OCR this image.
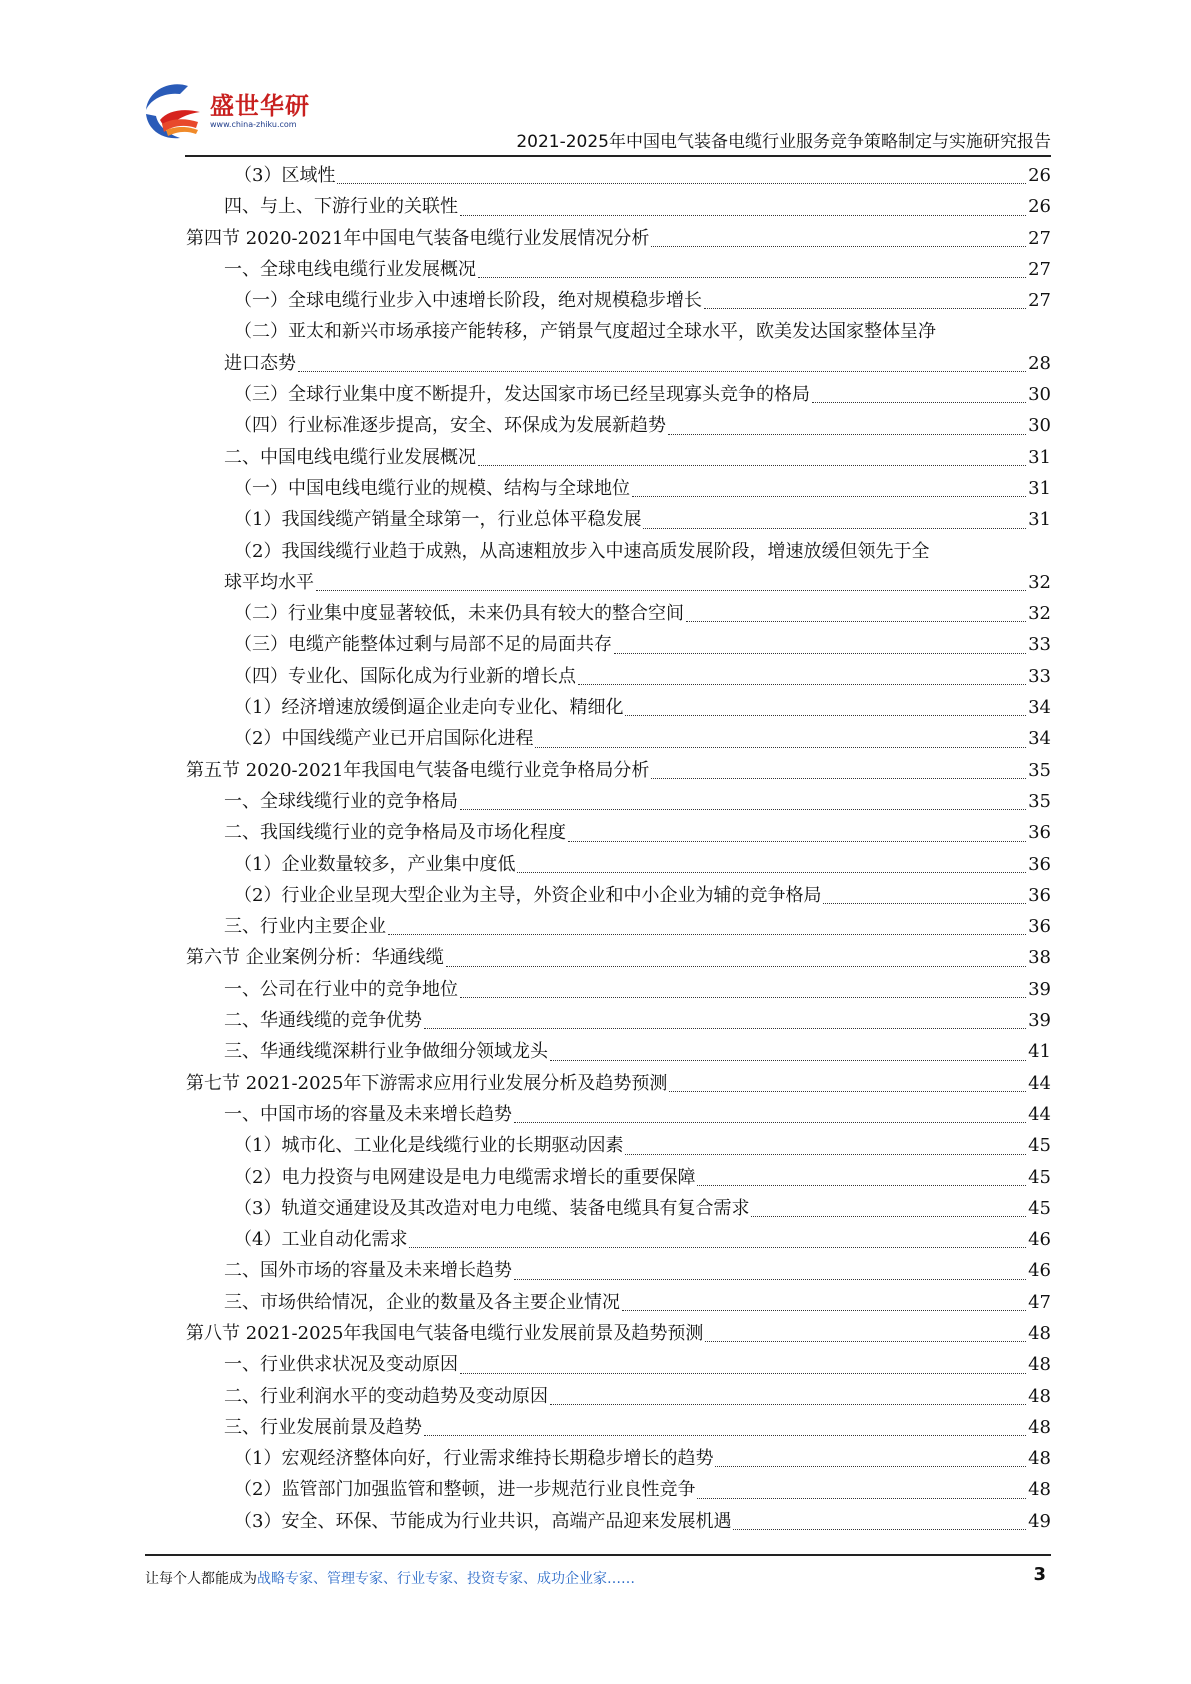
盛世华研
www.china-zhiku.com
2021-2025年中国电气装备电缆行业服务竞争策略制定与实施研究报告
（3）区域性	26
四、与上、下游行业的关联性	26
第四节 2020-2021年中国电气装备电缆行业发展情况分析	27
一、全球电线电缆行业发展概况	27
（一）全球电缆行业步入中速增长阶段，绝对规模稳步增长	27
（二）亚太和新兴市场承接产能转移，产销景气度超过全球水平，欧美发达国家整体呈净
进口态势	28
（三）全球行业集中度不断提升，发达国家市场已经呈现寡头竞争的格局	30
（四）行业标准逐步提高，安全、环保成为发展新趋势	30
二、中国电线电缆行业发展概况	31
（一）中国电线电缆行业的规模、结构与全球地位	31
（1）我国线缆产销量全球第一，行业总体平稳发展	31
（2）我国线缆行业趋于成熟，从高速粗放步入中速高质发展阶段，增速放缓但领先于全
球平均水平	32
（二）行业集中度显著较低，未来仍具有较大的整合空间	32
（三）电缆产能整体过剩与局部不足的局面共存	33
（四）专业化、国际化成为行业新的增长点	33
（1）经济增速放缓倒逼企业走向专业化、精细化	34
（2）中国线缆产业已开启国际化进程	34
第五节 2020-2021年我国电气装备电缆行业竞争格局分析	35
一、全球线缆行业的竞争格局	35
二、我国线缆行业的竞争格局及市场化程度	36
（1）企业数量较多，产业集中度低	36
（2）行业企业呈现大型企业为主导，外资企业和中小企业为辅的竞争格局	36
三、行业内主要企业	36
第六节 企业案例分析：华通线缆	38
一、公司在行业中的竞争地位	39
二、华通线缆的竞争优势	39
三、华通线缆深耕行业争做细分领域龙头	41
第七节 2021-2025年下游需求应用行业发展分析及趋势预测	44
一、中国市场的容量及未来增长趋势	44
（1）城市化、工业化是线缆行业的长期驱动因素	45
（2）电力投资与电网建设是电力电缆需求增长的重要保障	45
（3）轨道交通建设及其改造对电力电缆、装备电缆具有复合需求	45
（4）工业自动化需求	46
二、国外市场的容量及未来增长趋势	46
三、市场供给情况，企业的数量及各主要企业情况	47
第八节 2021-2025年我国电气装备电缆行业发展前景及趋势预测	48
一、行业供求状况及变动原因	48
二、行业利润水平的变动趋势及变动原因	48
三、行业发展前景及趋势	48
（1）宏观经济整体向好，行业需求维持长期稳步增长的趋势	48
（2）监管部门加强监管和整顿，进一步规范行业良性竞争	48
（3）安全、环保、节能成为行业共识，高端产品迎来发展机遇	49
让每个人都能成为战略专家、管理专家、行业专家、投资专家、成功企业家……	3
